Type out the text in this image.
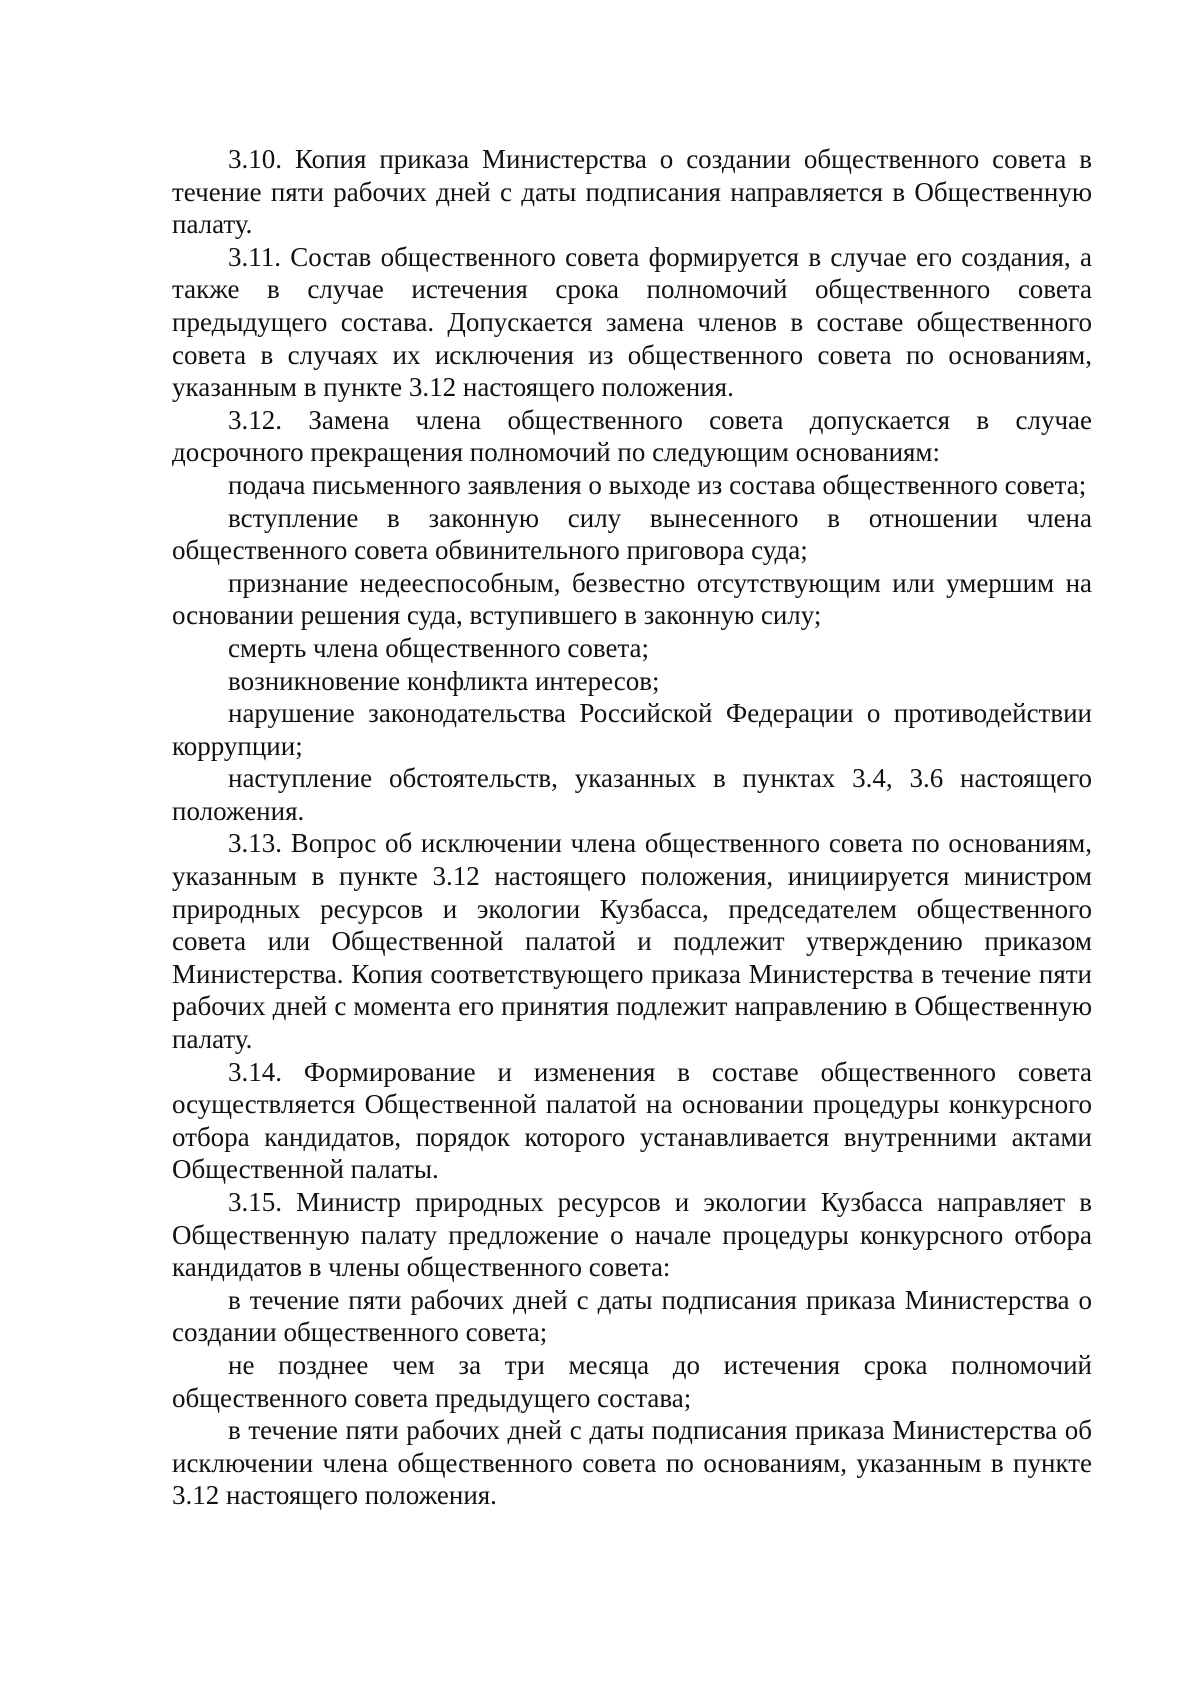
3.10. Копия приказа Министерства о создании общественного совета в течение пяти рабочих дней с даты подписания направляется в Общественную палату.

3.11. Состав общественного совета формируется в случае его создания, а также в случае истечения срока полномочий общественного совета предыдущего состава. Допускается замена членов в составе общественного совета в случаях их исключения из общественного совета по основаниям, указанным в пункте 3.12 настоящего положения.

3.12. Замена члена общественного совета допускается в случае досрочного прекращения полномочий по следующим основаниям:

подача письменного заявления о выходе из состава общественного совета;

вступление в законную силу вынесенного в отношении члена общественного совета обвинительного приговора суда;

признание недееспособным, безвестно отсутствующим или умершим на основании решения суда, вступившего в законную силу;

смерть члена общественного совета;

возникновение конфликта интересов;

нарушение законодательства Российской Федерации о противодействии коррупции;

наступление обстоятельств, указанных в пунктах 3.4, 3.6 настоящего положения.

3.13. Вопрос об исключении члена общественного совета по основаниям, указанным в пункте 3.12 настоящего положения, инициируется министром природных ресурсов и экологии Кузбасса, председателем общественного совета или Общественной палатой и подлежит утверждению приказом Министерства. Копия соответствующего приказа Министерства в течение пяти рабочих дней с момента его принятия подлежит направлению в Общественную палату.

3.14. Формирование и изменения в составе общественного совета осуществляется Общественной палатой на основании процедуры конкурсного отбора кандидатов, порядок которого устанавливается внутренними актами Общественной палаты.

3.15. Министр природных ресурсов и экологии Кузбасса направляет в Общественную палату предложение о начале процедуры конкурсного отбора кандидатов в члены общественного совета:

в течение пяти рабочих дней с даты подписания приказа Министерства о создании общественного совета;

не позднее чем за три месяца до истечения срока полномочий общественного совета предыдущего состава;

в течение пяти рабочих дней с даты подписания приказа Министерства об исключении члена общественного совета по основаниям, указанным в пункте 3.12 настоящего положения.
